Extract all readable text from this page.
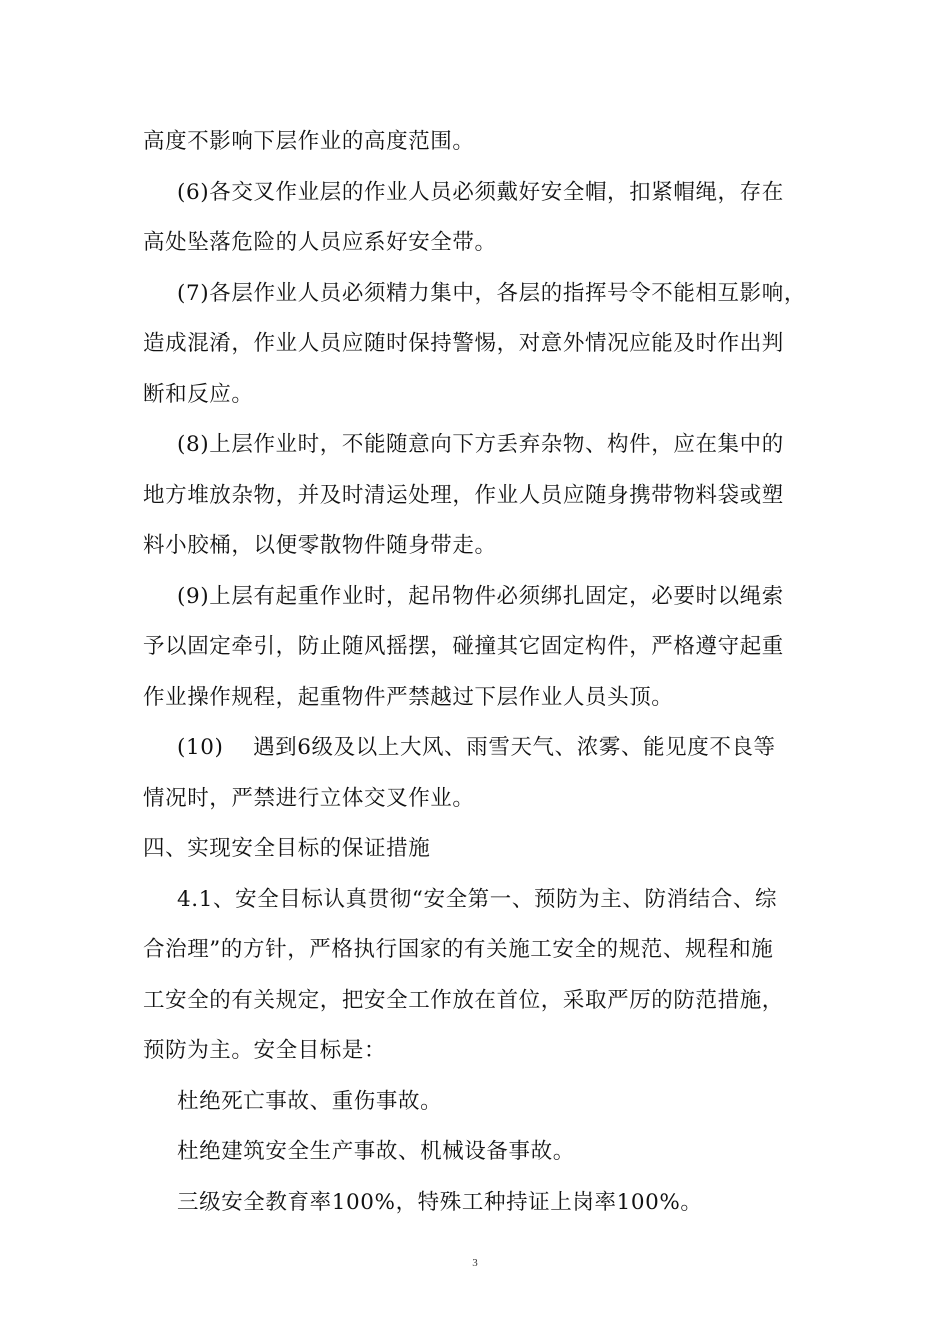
高度不影响下层作业的高度范围。
(6)各交叉作业层的作业人员必须戴好安全帽，扣紧帽绳，存在
高处坠落危险的人员应系好安全带。
(7)各层作业人员必须精力集中，各层的指挥号令不能相互影响，
造成混淆，作业人员应随时保持警惕，对意外情况应能及时作出判
断和反应。
(8)上层作业时，不能随意向下方丢弃杂物、构件，应在集中的
地方堆放杂物，并及时清运处理，作业人员应随身携带物料袋或塑
料小胶桶，以便零散物件随身带走。
(9)上层有起重作业时，起吊物件必须绑扎固定，必要时以绳索
予以固定牵引，防止随风摇摆，碰撞其它固定构件，严格遵守起重
作业操作规程，起重物件严禁越过下层作业人员头顶。
(10)　 遇到6级及以上大风、雨雪天气、浓雾、能见度不良等
情况时，严禁进行立体交叉作业。
四、实现安全目标的保证措施
4.1、安全目标认真贯彻“安全第一、预防为主、防消结合、综
合治理”的方针，严格执行国家的有关施工安全的规范、规程和施
工安全的有关规定，把安全工作放在首位，采取严厉的防范措施，
预防为主。安全目标是：
杜绝死亡事故、重伤事故。
杜绝建筑安全生产事故、机械设备事故。
三级安全教育率100%，特殊工种持证上岗率100%。
3
